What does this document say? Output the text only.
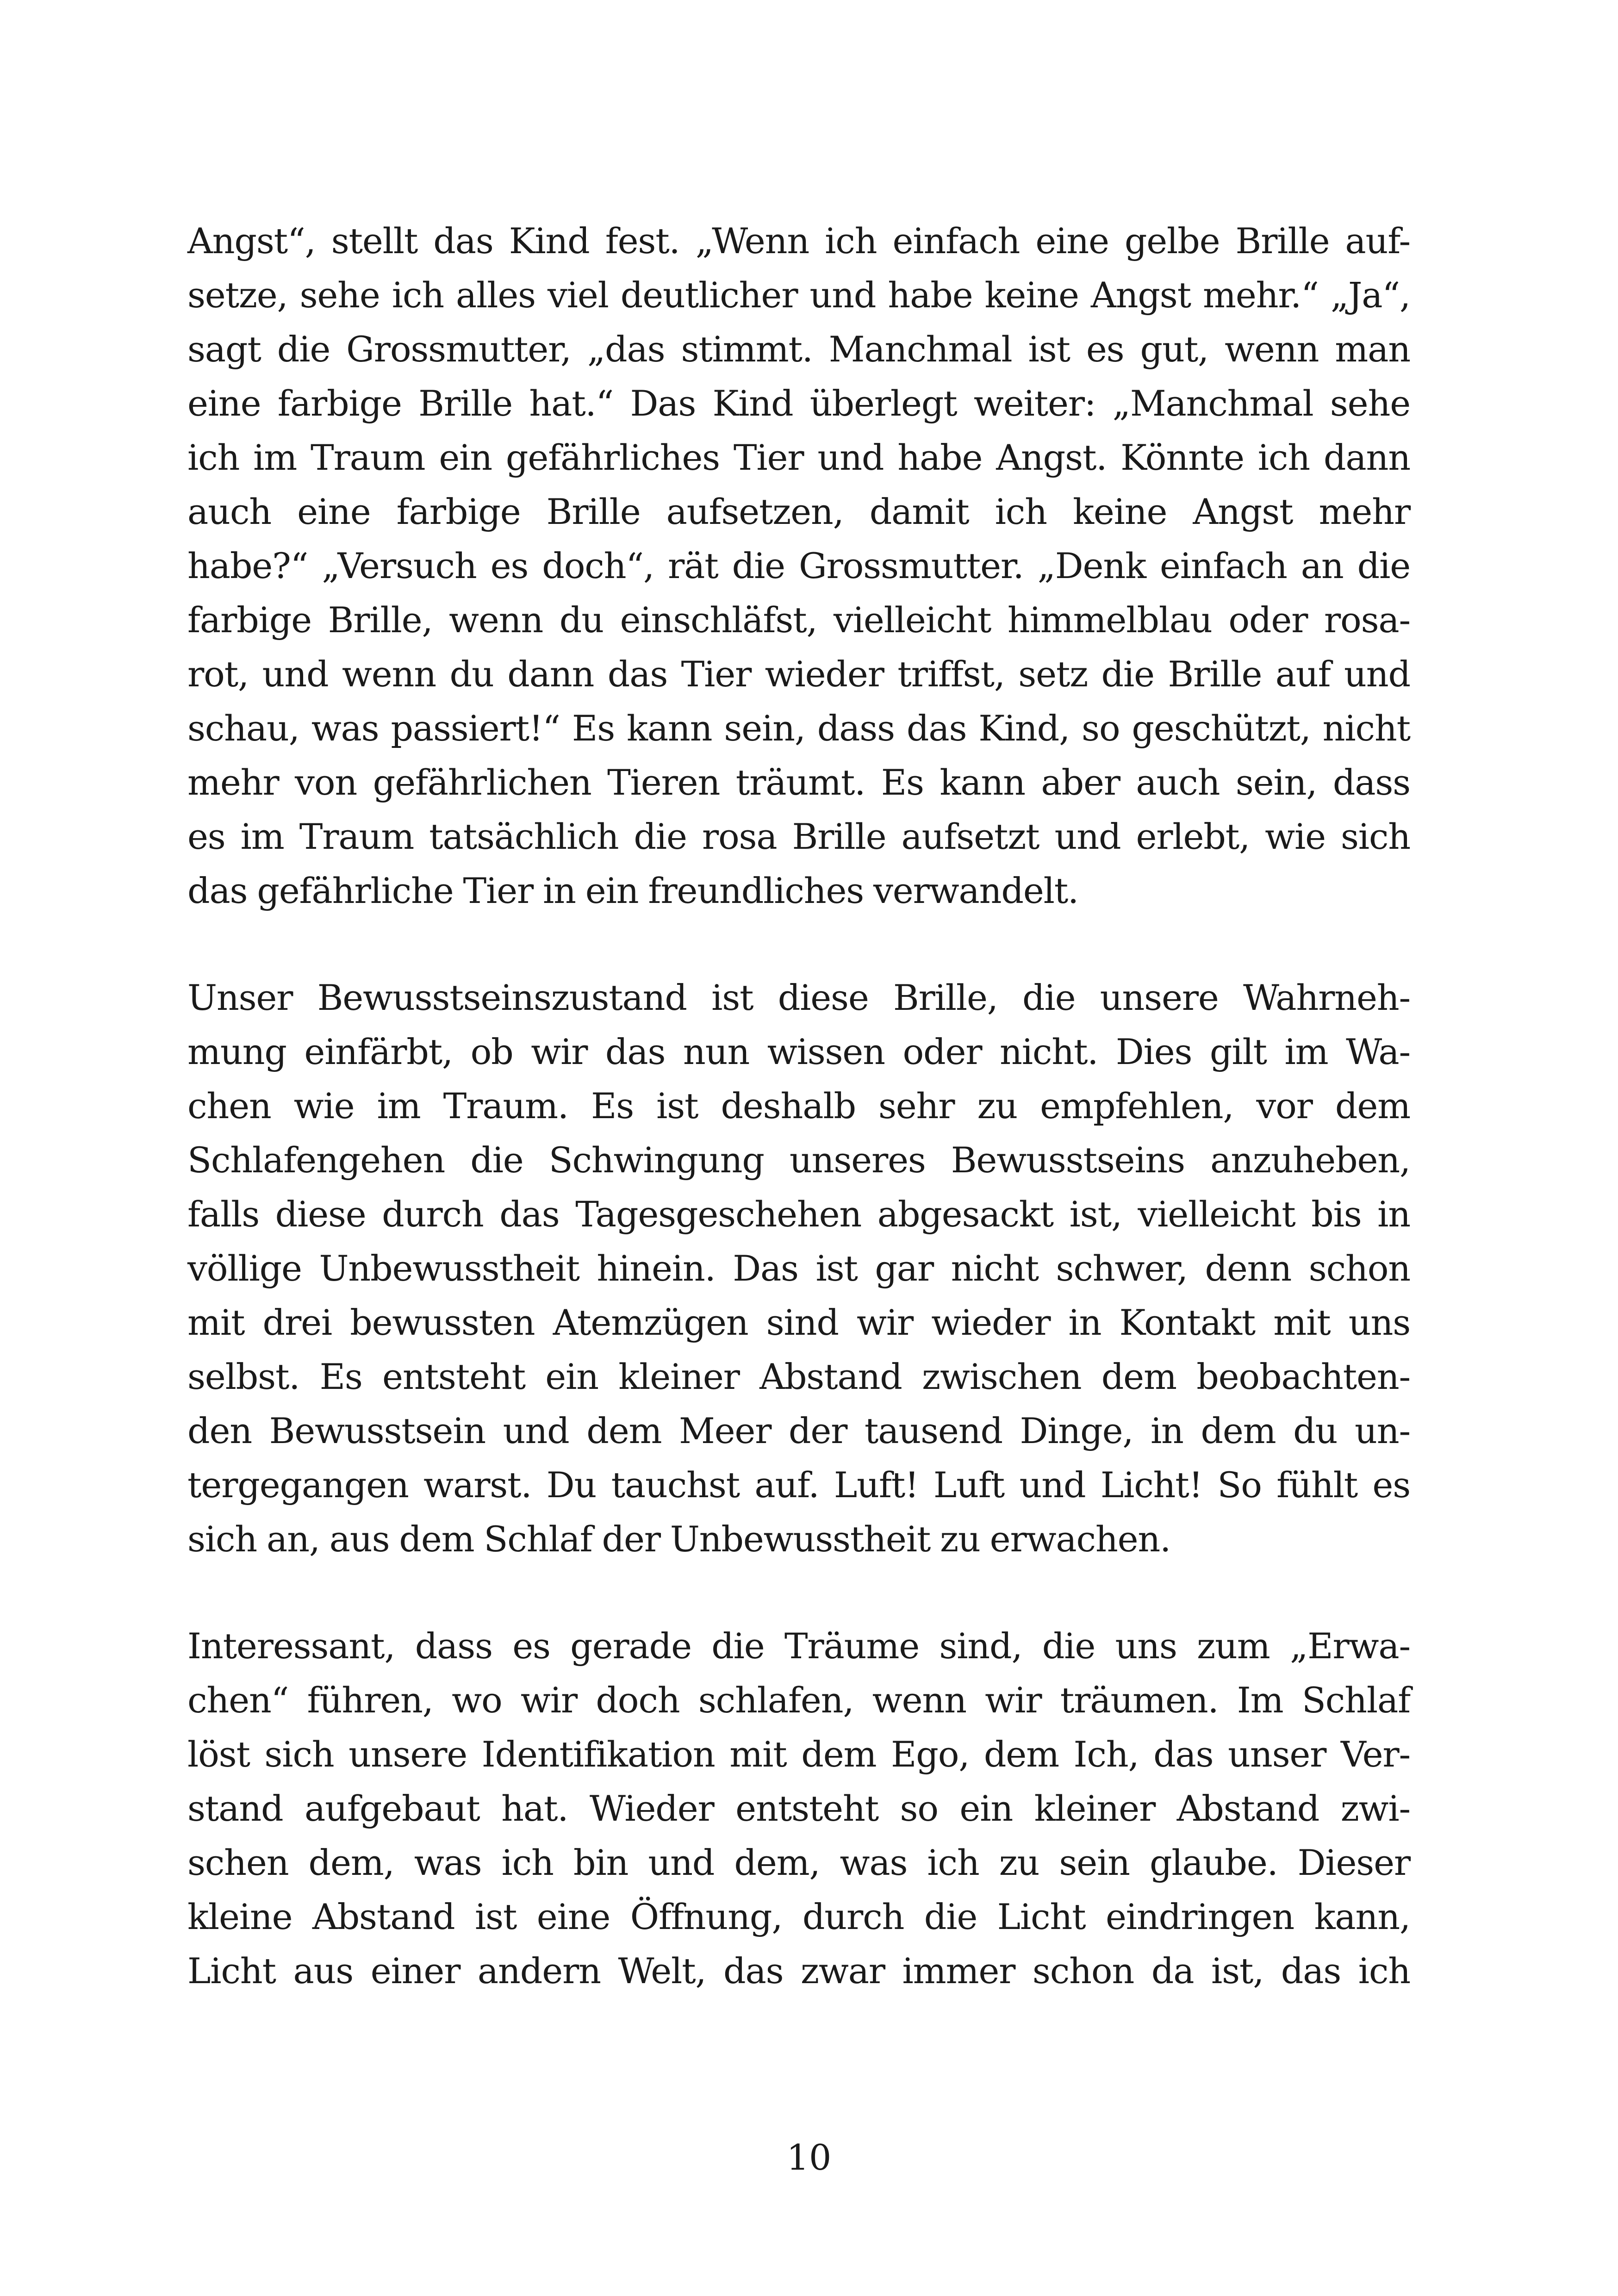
Angst“, stellt das Kind fest. „Wenn ich einfach eine gelbe Brille auf-
setze, sehe ich alles viel deutlicher und habe keine Angst mehr.“ „Ja“,
sagt die Grossmutter, „das stimmt. Manchmal ist es gut, wenn man
eine farbige Brille hat.“ Das Kind überlegt weiter: „Manchmal sehe
ich im Traum ein gefährliches Tier und habe Angst. Könnte ich dann
auch eine farbige Brille aufsetzen, damit ich keine Angst mehr
habe?“ „Versuch es doch“, rät die Grossmutter. „Denk einfach an die
farbige Brille, wenn du einschläfst, vielleicht himmelblau oder rosa-
rot, und wenn du dann das Tier wieder triffst, setz die Brille auf und
schau, was passiert!“ Es kann sein, dass das Kind, so geschützt, nicht
mehr von gefährlichen Tieren träumt. Es kann aber auch sein, dass
es im Traum tatsächlich die rosa Brille aufsetzt und erlebt, wie sich
das gefährliche Tier in ein freundliches verwandelt.
Unser Bewusstseinszustand ist diese Brille, die unsere Wahrneh-
mung einfärbt, ob wir das nun wissen oder nicht. Dies gilt im Wa-
chen wie im Traum. Es ist deshalb sehr zu empfehlen, vor dem
Schlafengehen die Schwingung unseres Bewusstseins anzuheben,
falls diese durch das Tagesgeschehen abgesackt ist, vielleicht bis in
völlige Unbewusstheit hinein. Das ist gar nicht schwer, denn schon
mit drei bewussten Atemzügen sind wir wieder in Kontakt mit uns
selbst. Es entsteht ein kleiner Abstand zwischen dem beobachten-
den Bewusstsein und dem Meer der tausend Dinge, in dem du un-
tergegangen warst. Du tauchst auf. Luft! Luft und Licht! So fühlt es
sich an, aus dem Schlaf der Unbewusstheit zu erwachen.
Interessant, dass es gerade die Träume sind, die uns zum „Erwa-
chen“ führen, wo wir doch schlafen, wenn wir träumen. Im Schlaf
löst sich unsere Identifikation mit dem Ego, dem Ich, das unser Ver-
stand aufgebaut hat. Wieder entsteht so ein kleiner Abstand zwi-
schen dem, was ich bin und dem, was ich zu sein glaube. Dieser
kleine Abstand ist eine Öffnung, durch die Licht eindringen kann,
Licht aus einer andern Welt, das zwar immer schon da ist, das ich
10
